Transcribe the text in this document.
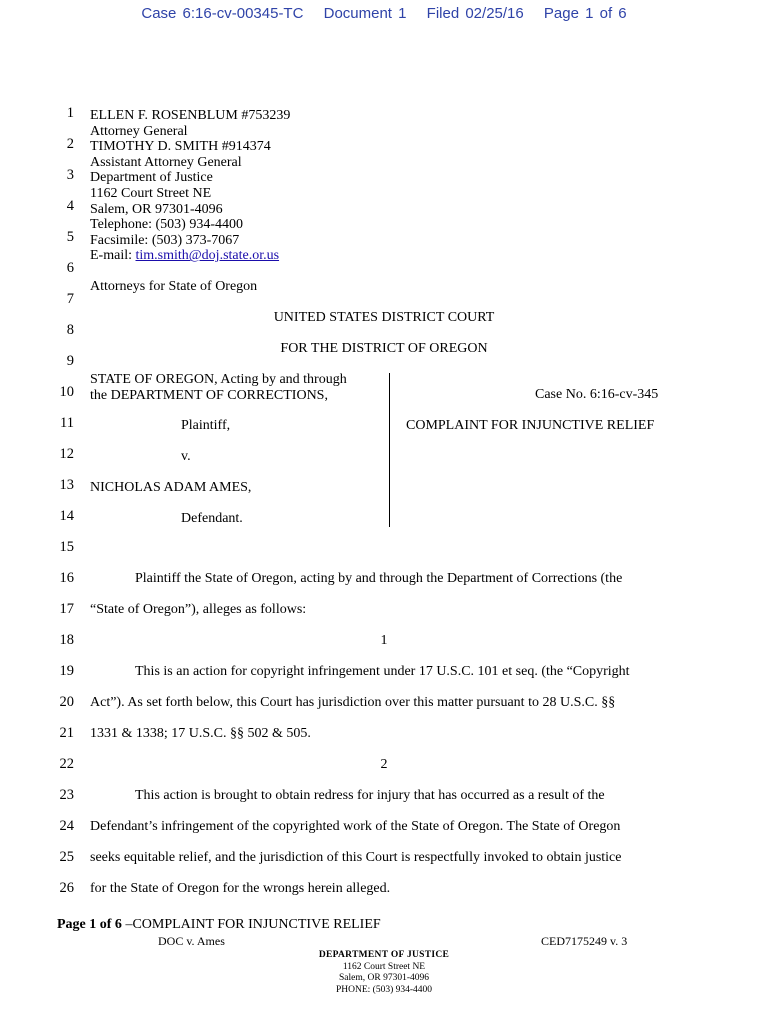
Case 6:16-cv-00345-TC Document 1 Filed 02/25/16 Page 1 of 6
1
2
3
4
5
6
7
8
9
10
11
12
13
14
15
16
17
18
19
20
21
22
23
24
25
26
ELLEN F. ROSENBLUM #753239
Attorney General
TIMOTHY D. SMITH #914374
Assistant Attorney General
Department of Justice
1162 Court Street NE
Salem, OR 97301-4096
Telephone: (503) 934-4400
Facsimile: (503) 373-7067
E-mail: tim.smith@doj.state.or.us
Attorneys for State of Oregon
UNITED STATES DISTRICT COURT
FOR THE DISTRICT OF OREGON
STATE OF OREGON, Acting by and through
the DEPARTMENT OF CORRECTIONS,
Plaintiff,
v.
NICHOLAS ADAM AMES,
Defendant.
Case No. 6:16-cv-345
COMPLAINT FOR INJUNCTIVE RELIEF
Plaintiff the State of Oregon, acting by and through the Department of Corrections (the
“State of Oregon”), alleges as follows:
1
This is an action for copyright infringement under 17 U.S.C. 101 et seq. (the “Copyright
Act”). As set forth below, this Court has jurisdiction over this matter pursuant to 28 U.S.C. §§
1331 & 1338; 17 U.S.C. §§ 502 & 505.
2
This action is brought to obtain redress for injury that has occurred as a result of the
Defendant’s infringement of the copyrighted work of the State of Oregon. The State of Oregon
seeks equitable relief, and the jurisdiction of this Court is respectfully invoked to obtain justice
for the State of Oregon for the wrongs herein alleged.
Page 1 of 6 –COMPLAINT FOR INJUNCTIVE RELIEF
DOC v. Ames	CED7175249 v. 3
DEPARTMENT OF JUSTICE
1162 Court Street NE
Salem, OR 97301-4096
PHONE: (503) 934-4400
